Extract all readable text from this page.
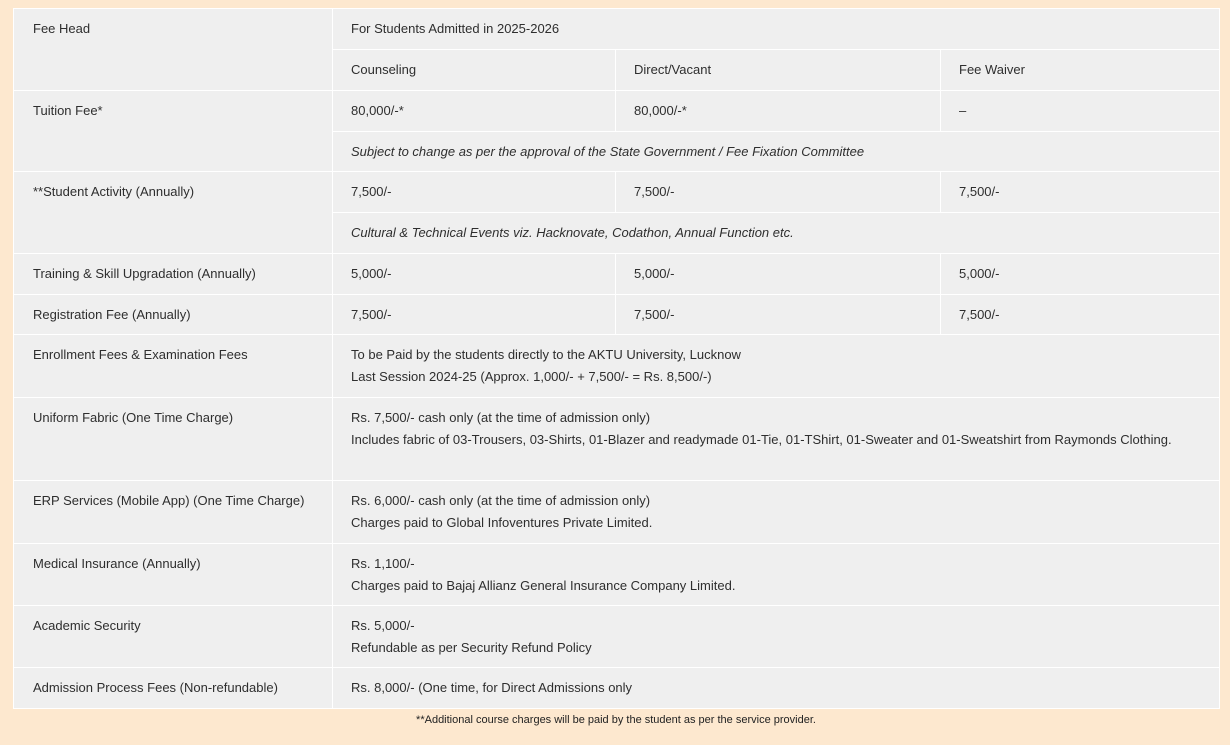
Fee Head	For Students Admitted in 2025-2026		
	Counseling	Direct/Vacant	Fee Waiver
Tuition Fee*	80,000/-*	80,000/-*	–
	Subject to change as per the approval of the State Government / Fee Fixation Committee		
**Student Activity (Annually)	7,500/-	7,500/-	7,500/-
	Cultural & Technical Events viz. Hacknovate, Codathon, Annual Function etc.		
Training & Skill Upgradation (Annually)	5,000/-	5,000/-	5,000/-
Registration Fee (Annually)	7,500/-	7,500/-	7,500/-
Enrollment Fees & Examination Fees	To be Paid by the students directly to the AKTU University, Lucknow
Last Session 2024-25 (Approx. 1,000/- + 7,500/- = Rs. 8,500/-)		

Uniform Fabric (One Time Charge)	Rs. 7,500/- cash only (at the time of admission only)
Includes fabric of 03-Trousers, 03-Shirts, 01-Blazer and readymade 01-Tie, 01-TShirt, 01-Sweater and 01-Sweatshirt from Raymonds Clothing.		

ERP Services (Mobile App) (One Time Charge)	Rs. 6,000/- cash only (at the time of admission only)
Charges paid to Global Infoventures Private Limited.		

Medical Insurance (Annually)	Rs. 1,100/-
Charges paid to Bajaj Allianz General Insurance Company Limited.		

Academic Security	Rs. 5,000/-
Refundable as per Security Refund Policy		

Admission Process Fees (Non-refundable)	Rs. 8,000/- (One time, for Direct Admissions only		
**Additional course charges will be paid by the student as per the service provider.
